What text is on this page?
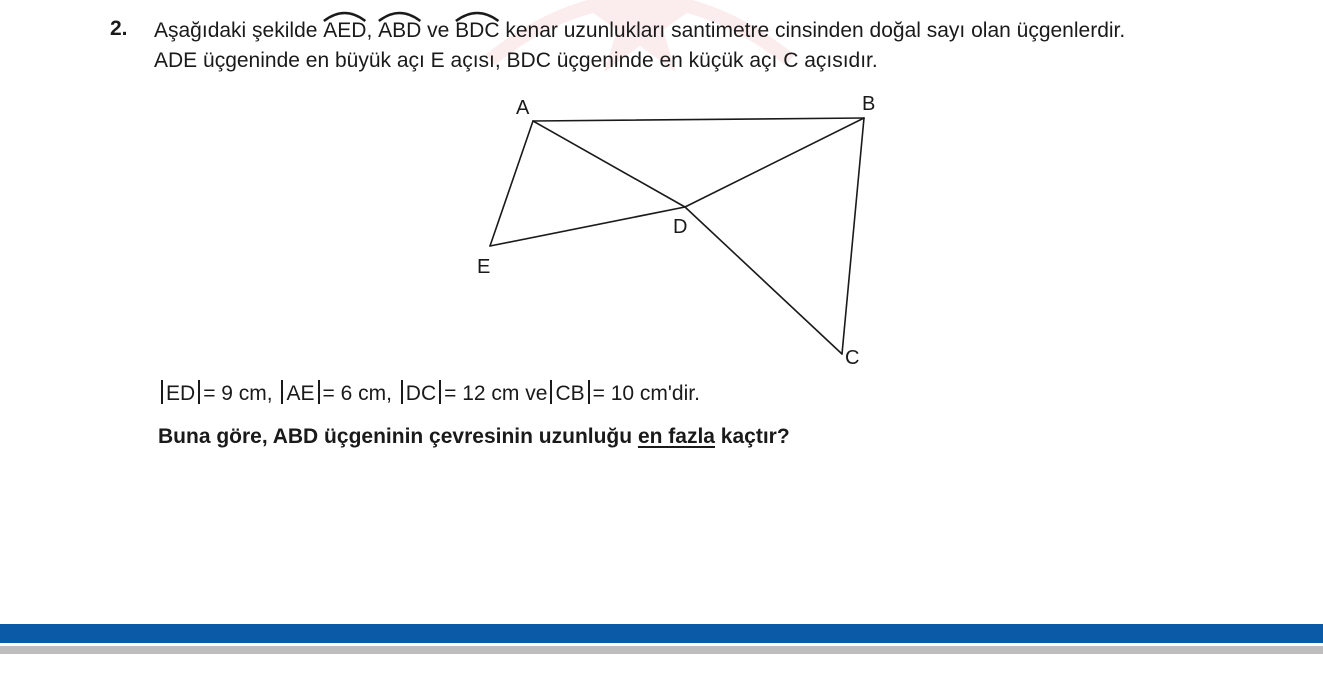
2. Aşağıdaki şekilde
AED,
ABD ve
BDC kenar uzunlukları santimetre cinsinden doğal sayı olan üçgenlerdir.
ADE üçgeninde en büyük açı E açısı, BDC üçgeninde en küçük açı C açısıdır.
A	B
C
D
E
ED = 9 cm, AE = 6 cm, DC = 12 cm ve CB = 10 cm'dir.
Buna göre, ABD üçgeninin çevresinin uzunluğu en fazla kaçtır?
